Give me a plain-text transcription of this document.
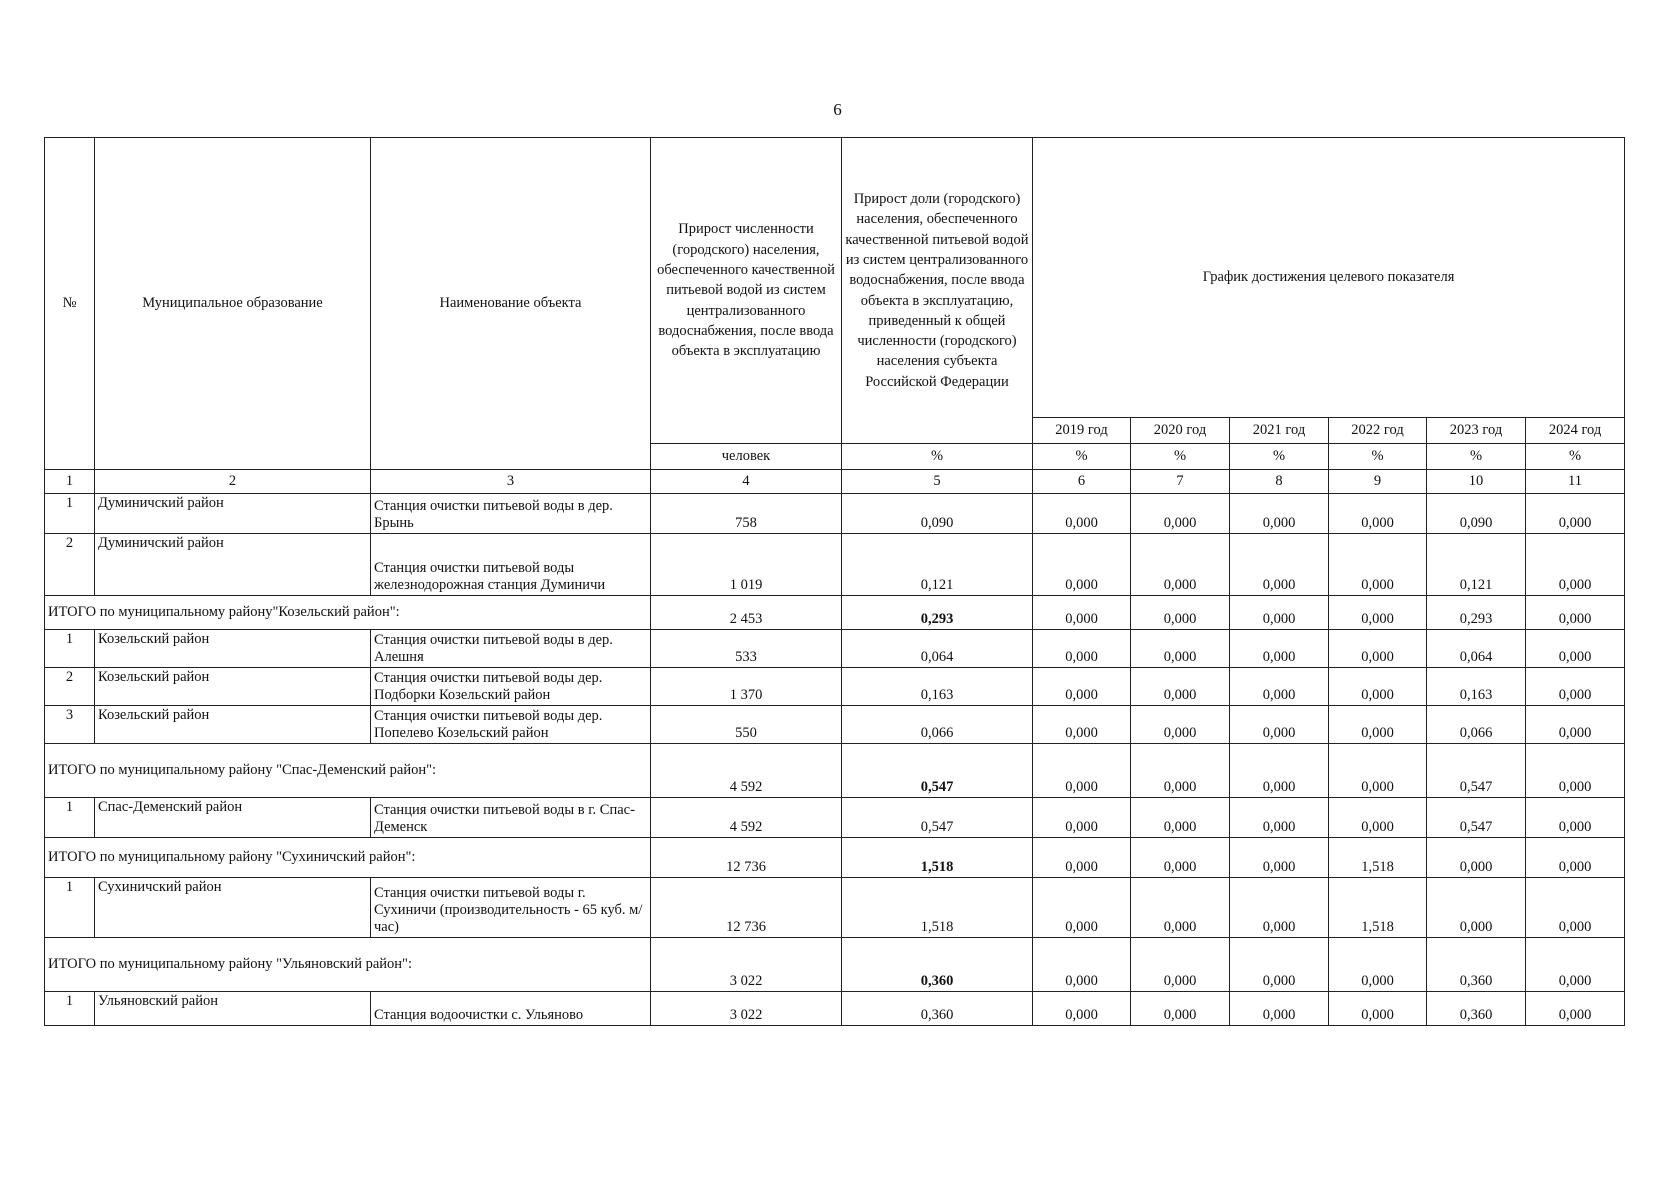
6
№	Муниципальное образование	Наименование объекта	Прирост численности (городского) населения, обеспеченного качественной питьевой водой из систем централизованного водоснабжения, после ввода объекта в эксплуатацию	Прирост доли (городского) населения, обеспеченного качественной питьевой водой из систем централизованного водоснабжения, после ввода объекта в эксплуатацию, приведенный к общей численности (городского) населения субъекта Российской Федерации	График достижения целевого показателя					
					2019 год	2020 год	2021 год	2022 год	2023 год	2024 год
			человек	%	%	%	%	%	%	%
1	2	3	4	5	6	7	8	9	10	11
1	Думиничский район	Станция очистки питьевой воды в дер. Брынь	758	0,090	0,000	0,000	0,000	0,000	0,090	0,000
2	Думиничский район	Станция очистки питьевой воды железнодорожная станция Думиничи	1 019	0,121	0,000	0,000	0,000	0,000	0,121	0,000
ИТОГО по муниципальному району"Козельский район":			2 453	0,293	0,000	0,000	0,000	0,000	0,293	0,000
1	Козельский район	Станция очистки питьевой воды в дер. Алешня	533	0,064	0,000	0,000	0,000	0,000	0,064	0,000
2	Козельский район	Станция очистки питьевой воды дер. Подборки Козельский район	1 370	0,163	0,000	0,000	0,000	0,000	0,163	0,000
3	Козельский район	Станция очистки питьевой воды дер. Попелево Козельский район	550	0,066	0,000	0,000	0,000	0,000	0,066	0,000
ИТОГО по муниципальному району "Спас-Деменский район":			4 592	0,547	0,000	0,000	0,000	0,000	0,547	0,000
1	Спас-Деменский район	Станция очистки питьевой воды в г. Спас-Деменск	4 592	0,547	0,000	0,000	0,000	0,000	0,547	0,000
ИТОГО по муниципальному району "Сухиничский район":			12 736	1,518	0,000	0,000	0,000	1,518	0,000	0,000
1	Сухиничский район	Станция очистки питьевой воды г. Сухиничи (производительность - 65 куб. м/час)	12 736	1,518	0,000	0,000	0,000	1,518	0,000	0,000
ИТОГО по муниципальному району "Ульяновский район":			3 022	0,360	0,000	0,000	0,000	0,000	0,360	0,000
1	Ульяновский район	Станция водоочистки с. Ульяново	3 022	0,360	0,000	0,000	0,000	0,000	0,360	0,000
